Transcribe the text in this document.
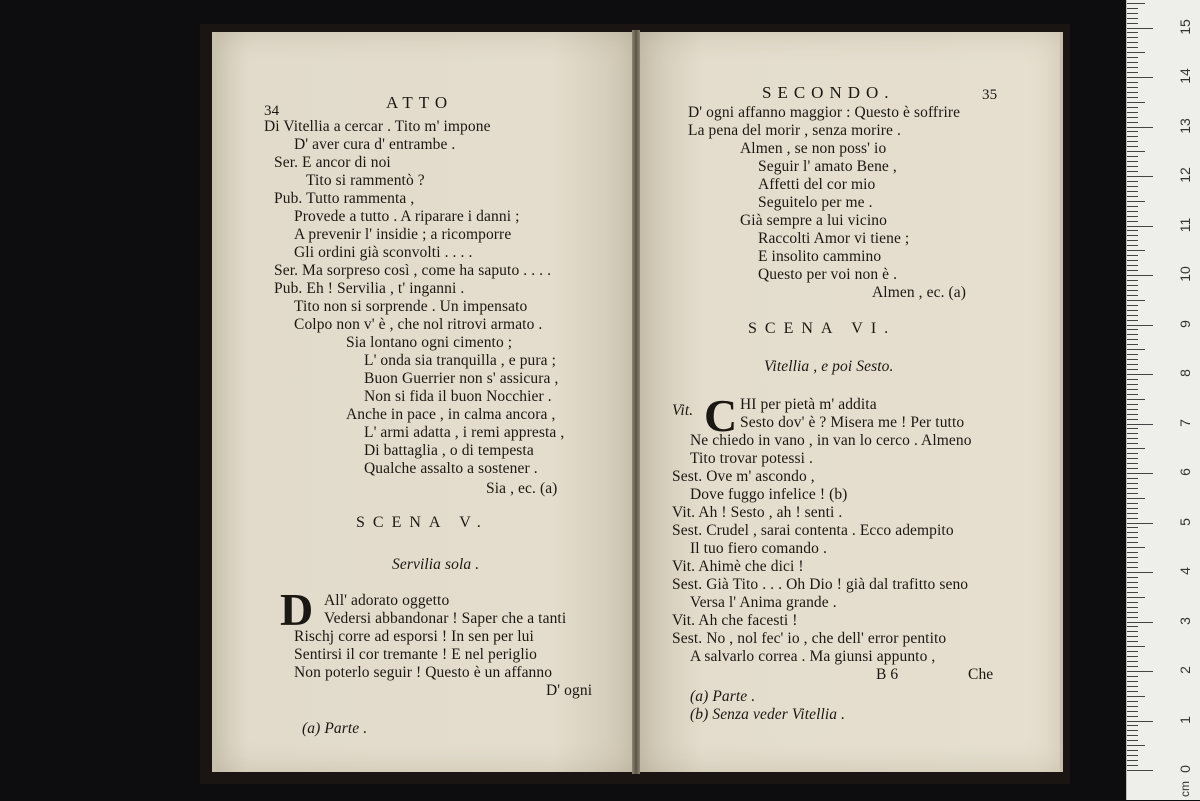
34	ATTO
Di Vitellia a cercar . Tito m' impone
D' aver cura d' entrambe .
Ser. E ancor di noi
Tito si rammentò ?
Pub. Tutto rammenta ,
Provede a tutto . A riparare i danni ;
A prevenir l' insidie ; a ricomporre
Gli ordini già sconvolti . . . .
Ser. Ma sorpreso così , come ha saputo . . . .
Pub. Eh ! Servilia , t' inganni .
Tito non si sorprende . Un impensato
Colpo non v' è , che nol ritrovi armato .
Sia lontano ogni cimento ;
L' onda sia tranquilla , e pura ;
Buon Guerrier non s' assicura ,
Non si fida il buon Nocchier .
Anche in pace , in calma ancora ,
L' armi adatta , i remi appresta ,
Di battaglia , o di tempesta
Qualche assalto a sostener .
Sia , ec. (a)
SCENA V.
Servilia sola .
D All' adorato oggetto
Vedersi abbandonar ! Saper che a tanti
Rischj corre ad esporsi ! In sen per lui
Sentirsi il cor tremante ! E nel periglio
Non poterlo seguir ! Questo è un affanno
D' ogni
(a) Parte .
SECONDO.	35
D' ogni affanno maggior : Questo è soffrire
La pena del morir , senza morire .
Almen , se non poss' io
Seguir l' amato Bene ,
Affetti del cor mio
Seguitelo per me .
Già sempre a lui vicino
Raccolti Amor vi tiene ;
E insolito cammino
Questo per voi non è .
Almen , ec. (a)
SCENA VI.
Vitellia , e poi Sesto.
Vit. C HI per pietà m' addita
Sesto dov' è ? Misera me ! Per tutto
Ne chiedo in vano , in van lo cerco . Almeno
Tito trovar potessi .
Sest. Ove m' ascondo ,
Dove fuggo infelice ! (b)
Vit. Ah ! Sesto , ah ! senti .
Sest. Crudel , sarai contenta . Ecco adempito
Il tuo fiero comando .
Vit. Ahimè che dici !
Sest. Già Tito . . . Oh Dio ! già dal trafitto seno
Versa l' Anima grande .
Vit. Ah che facesti !
Sest. No , nol fec' io , che dell' error pentito
A salvarlo correa . Ma giunsi appunto ,
B 6	Che
(a) Parte .
(b) Senza veder Vitellia .
0
1
2
3
4
5
6
7
8
9
10
11
12
13
14
15
cm
